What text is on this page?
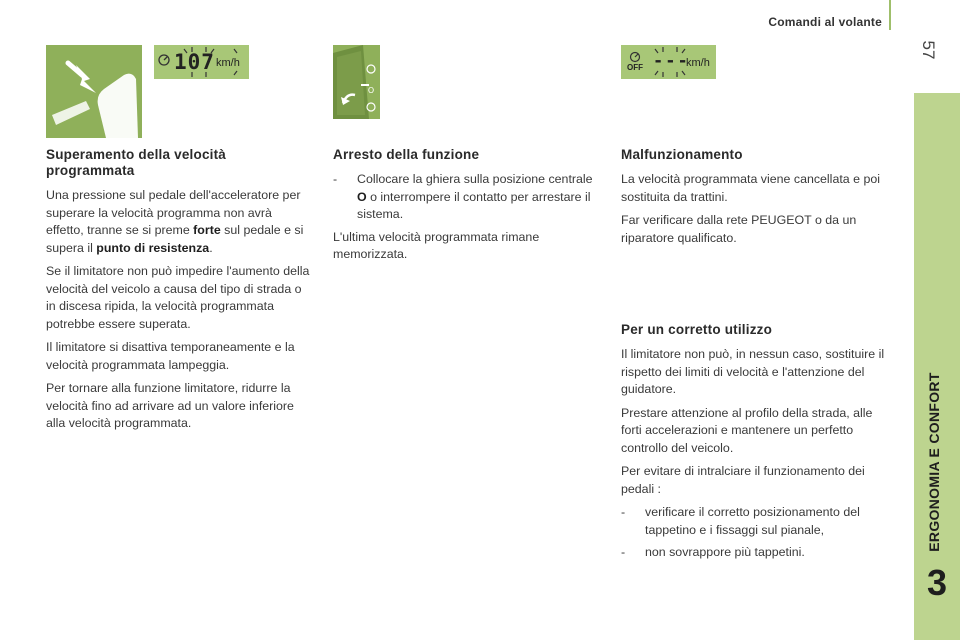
Comandi al volante
57
ERGONOMIA E CONFORT
3
107 km/h
O
OFF ---
km/h
Superamento della velocità programmata

Una pressione sul pedale dell'acceleratore per superare la velocità programma non avrà effetto, tranne se si preme forte sul pedale e si supera il punto di resistenza.

Se il limitatore non può impedire l'aumento della velocità del veicolo a causa del tipo di strada o in discesa ripida, la velocità programmata potrebbe essere superata.

Il limitatore si disattiva temporaneamente e la velocità programmata lampeggia.

Per tornare alla funzione limitatore, ridurre la velocità fino ad arrivare ad un valore inferiore alla velocità programmata.

Arresto della funzione
-	Collocare la ghiera sulla posizione centrale O o interrompere il contatto per arrestare il sistema.

L'ultima velocità programmata rimane memorizzata.

Malfunzionamento

La velocità programmata viene cancellata e poi sostituita da trattini.

Far verificare dalla rete PEUGEOT o da un riparatore qualificato.

Per un corretto utilizzo

Il limitatore non può, in nessun caso, sostituire il rispetto dei limiti di velocità e l'attenzione del guidatore.

Prestare attenzione al profilo della strada, alle forti accelerazioni e mantenere un perfetto controllo del veicolo.

Per evitare di intralciare il funzionamento dei pedali :

-	verificare il corretto posizionamento del tappetino e i fissaggi sul pianale,
-	non sovrappore più tappetini.
